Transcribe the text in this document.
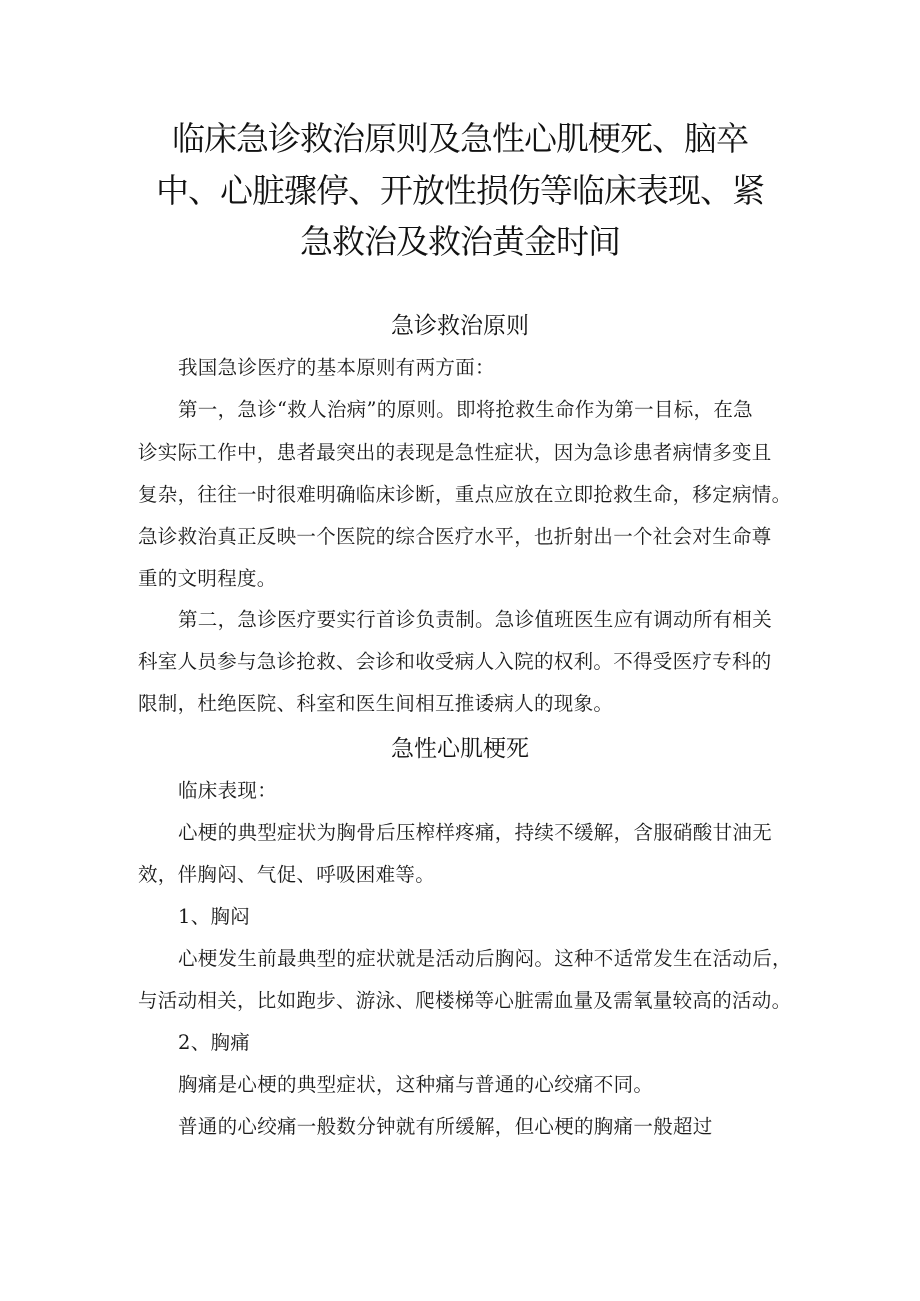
临床急诊救治原则及急性心肌梗死、脑卒
中、心脏骤停、开放性损伤等临床表现、紧
急救治及救治黄金时间
急诊救治原则
我国急诊医疗的基本原则有两方面：
第一，急诊“救人治病”的原则。即将抢救生命作为第一目标，在急
诊实际工作中，患者最突出的表现是急性症状，因为急诊患者病情多变且
复杂，往往一时很难明确临床诊断，重点应放在立即抢救生命，移定病情。
急诊救治真正反映一个医院的综合医疗水平，也折射出一个社会对生命尊
重的文明程度。
第二，急诊医疗要实行首诊负责制。急诊值班医生应有调动所有相关
科室人员参与急诊抢救、会诊和收受病人入院的权利。不得受医疗专科的
限制，杜绝医院、科室和医生间相互推诿病人的现象。
急性心肌梗死
临床表现：
心梗的典型症状为胸骨后压榨样疼痛，持续不缓解，含服硝酸甘油无
效，伴胸闷、气促、呼吸困难等。
1、胸闷
心梗发生前最典型的症状就是活动后胸闷。这种不适常发生在活动后，
与活动相关，比如跑步、游泳、爬楼梯等心脏需血量及需氧量较高的活动。
2、胸痛
胸痛是心梗的典型症状，这种痛与普通的心绞痛不同。
普通的心绞痛一般数分钟就有所缓解，但心梗的胸痛一般超过
